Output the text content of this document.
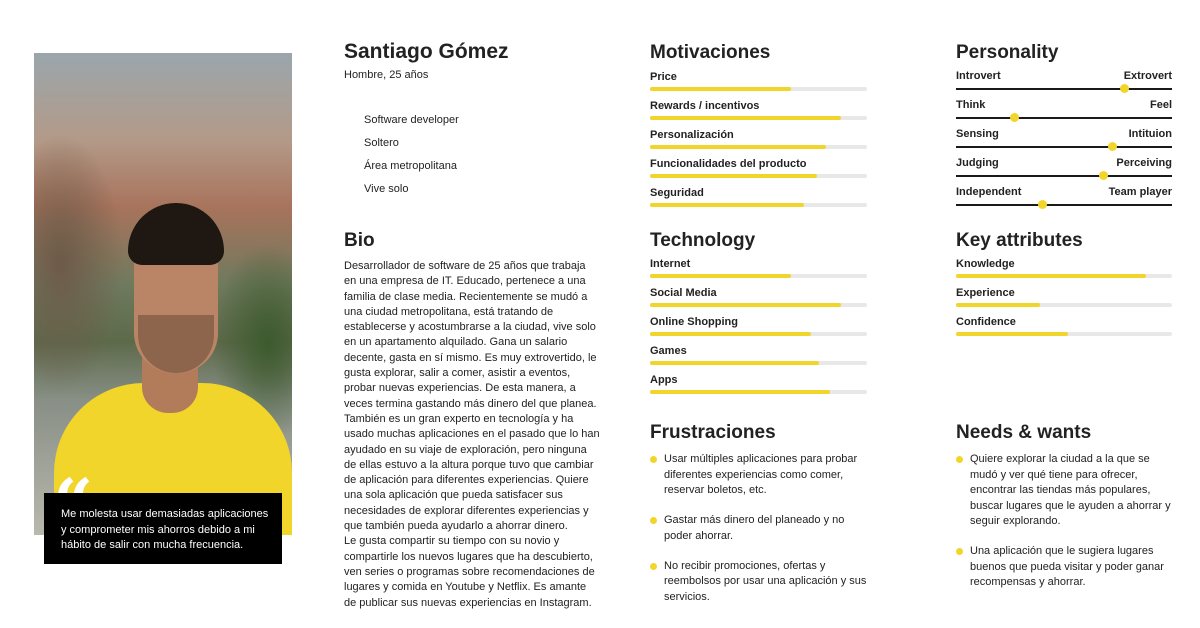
Me molesta usar demasiadas aplicaciones y comprometer mis ahorros debido a mi hábito de salir con mucha frecuencia.
Santiago Gómez
Hombre, 25 años
Software developer
Soltero
Área metropolitana
Vive solo
Bio
Desarrollador de software de 25 años que trabaja en una empresa de IT. Educado, pertenece a una familia de clase media. Recientemente se mudó a una ciudad metropolitana, está tratando de establecerse y acostumbrarse a la ciudad, vive solo en un apartamento alquilado. Gana un salario decente, gasta en sí mismo. Es muy extrovertido, le gusta explorar, salir a comer, asistir a eventos, probar nuevas experiencias. De esta manera, a veces termina gastando más dinero del que planea. También es un gran experto en tecnología y ha usado muchas aplicaciones en el pasado que lo han ayudado en su viaje de exploración, pero ninguna de ellas estuvo a la altura porque tuvo que cambiar de aplicación para diferentes experiencias. Quiere una sola aplicación que pueda satisfacer sus necesidades de explorar diferentes experiencias y que también pueda ayudarlo a ahorrar dinero.
Le gusta compartir su tiempo con su novio y compartirle los nuevos lugares que ha descubierto, ven series o programas sobre recomendaciones de lugares y comida en Youtube y Netflix. Es amante de publicar sus nuevas experiencias en Instagram.
Motivaciones
Price
Rewards / incentivos
Personalización
Funcionalidades del producto
Seguridad
Technology
Internet
Social Media
Online Shopping
Games
Apps
Frustraciones
Usar múltiples aplicaciones para probar diferentes experiencias como comer, reservar boletos, etc.
Gastar más dinero del planeado y no poder ahorrar.
No recibir promociones, ofertas y reembolsos por usar una aplicación y sus servicios.
Personality
Introvert	Extrovert
Think	Feel
Sensing	Intituion
Judging	Perceiving
Independent	Team player
Key attributes
Knowledge
Experience
Confidence
Needs & wants
Quiere explorar la ciudad a la que se mudó y ver qué tiene para ofrecer, encontrar las tiendas más populares, buscar lugares que le ayuden a ahorrar y seguir explorando.
Una aplicación que le sugiera lugares buenos que pueda visitar y poder ganar recompensas y ahorrar.
